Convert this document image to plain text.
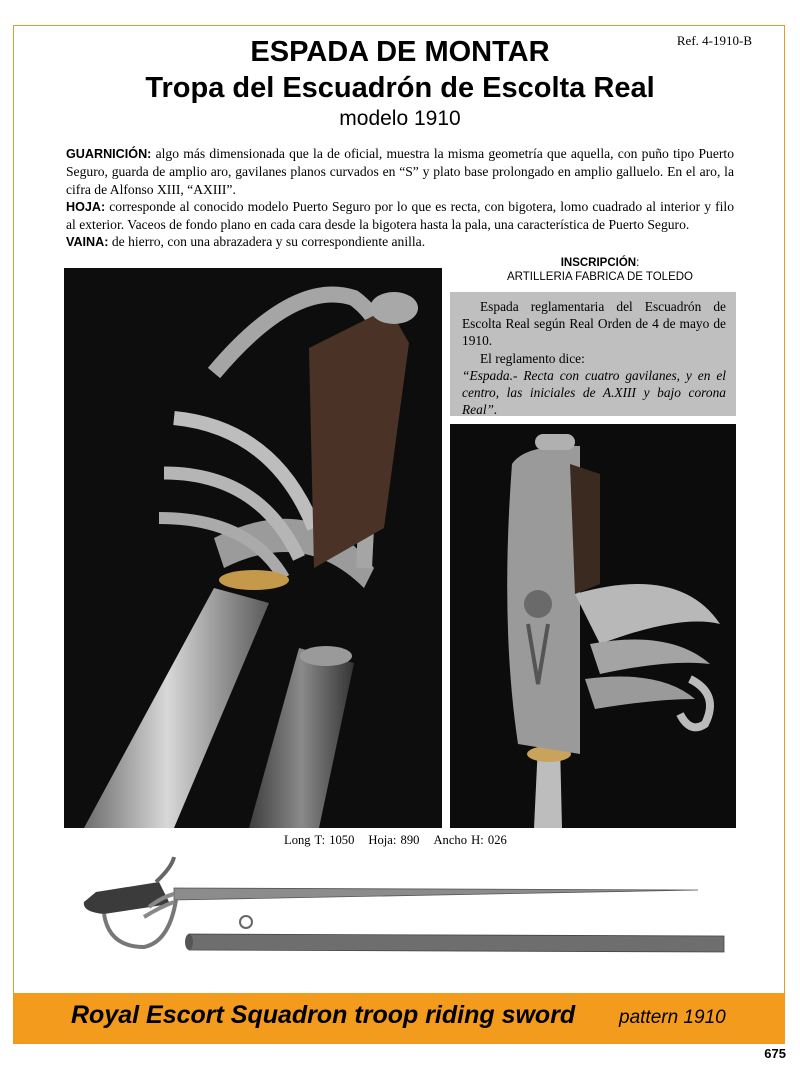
Ref. 4-1910-B
ESPADA DE MONTAR
Tropa del Escuadrón de Escolta Real
modelo 1910

GUARNICIÓN: algo más dimensionada que la de oficial, muestra la misma geometría que aquella, con puño tipo Puerto Seguro, guarda de amplio aro, gavilanes planos curvados en “S” y plato base prolongado en amplio galluelo. En el aro, la cifra de Alfonso XIII, “AXIII”.

HOJA: corresponde al conocido modelo Puerto Seguro por lo que es recta, con bigotera, lomo cuadrado al interior y filo al exterior. Vaceos de fondo plano en cada cara desde la bigotera hasta la pala, una característica de Puerto Seguro.

VAINA: de hierro, con una abrazadera y su correspondiente anilla.

INSCRIPCIÓN:
ARTILLERIA FABRICA DE TOLEDO

Espada reglamentaria del Escuadrón de Escolta Real según Real Orden de 4 de mayo de 1910.

El reglamento dice:

“Espada.- Recta con cuatro gavilanes, y en el centro, las iniciales de A.XIII y bajo corona Real”.

Long T: 1050 Hoja: 890 Ancho H: 026
Royal Escort Squadron troop riding sword pattern 1910
675
